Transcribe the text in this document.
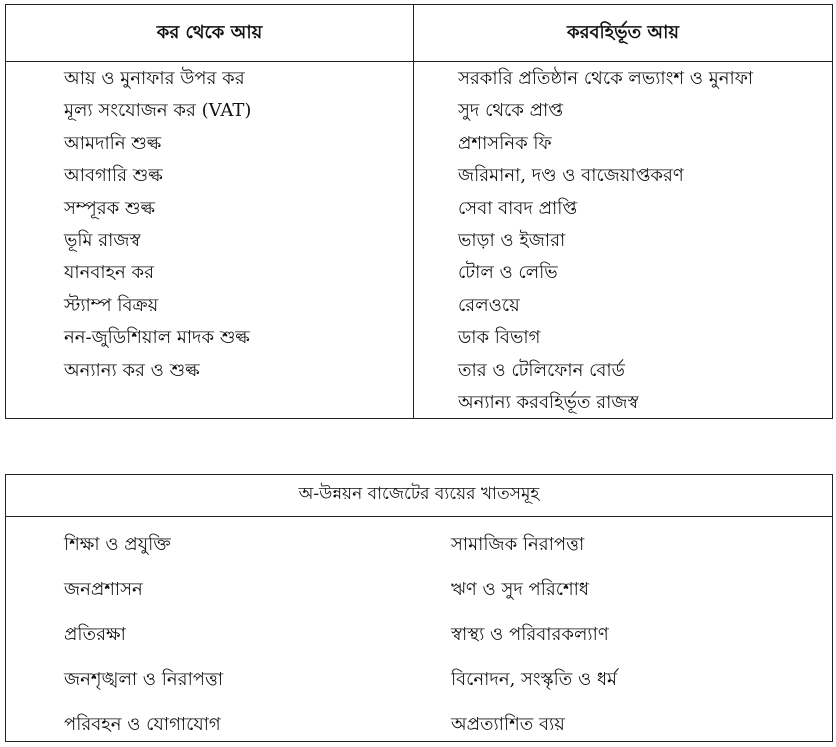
কর থেকে আয়	করবহির্ভূত আয়
আয় ও মুনাফার উপর কর
মূল্য সংযোজন কর (VAT)
আমদানি শুল্ক
আবগারি শুল্ক
সম্পূরক শুল্ক
ভূমি রাজস্ব
যানবাহন কর
স্ট্যাম্প বিক্রয়
নন-জুডিশিয়াল মাদক শুল্ক
অন্যান্য কর ও শুল্ক
সরকারি প্রতিষ্ঠান থেকে লভ্যাংশ ও মুনাফা
সুদ থেকে প্রাপ্ত
প্রশাসনিক ফি
জরিমানা, দণ্ড ও বাজেয়াপ্তকরণ
সেবা বাবদ প্রাপ্তি
ভাড়া ও ইজারা
টোল ও লেভি
রেলওয়ে
ডাক বিভাগ
তার ও টেলিফোন বোর্ড
অন্যান্য করবহির্ভূত রাজস্ব
অ-উন্নয়ন বাজেটের ব্যয়ের খাতসমূহ
শিক্ষা ও প্রযুক্তি
জনপ্রশাসন
প্রতিরক্ষা
জনশৃঙ্খলা ও নিরাপত্তা
পরিবহন ও যোগাযোগ
সামাজিক নিরাপত্তা
ঋণ ও সুদ পরিশোধ
স্বাস্থ্য ও পরিবারকল্যাণ
বিনোদন, সংস্কৃতি ও ধর্ম
অপ্রত্যাশিত ব্যয়
